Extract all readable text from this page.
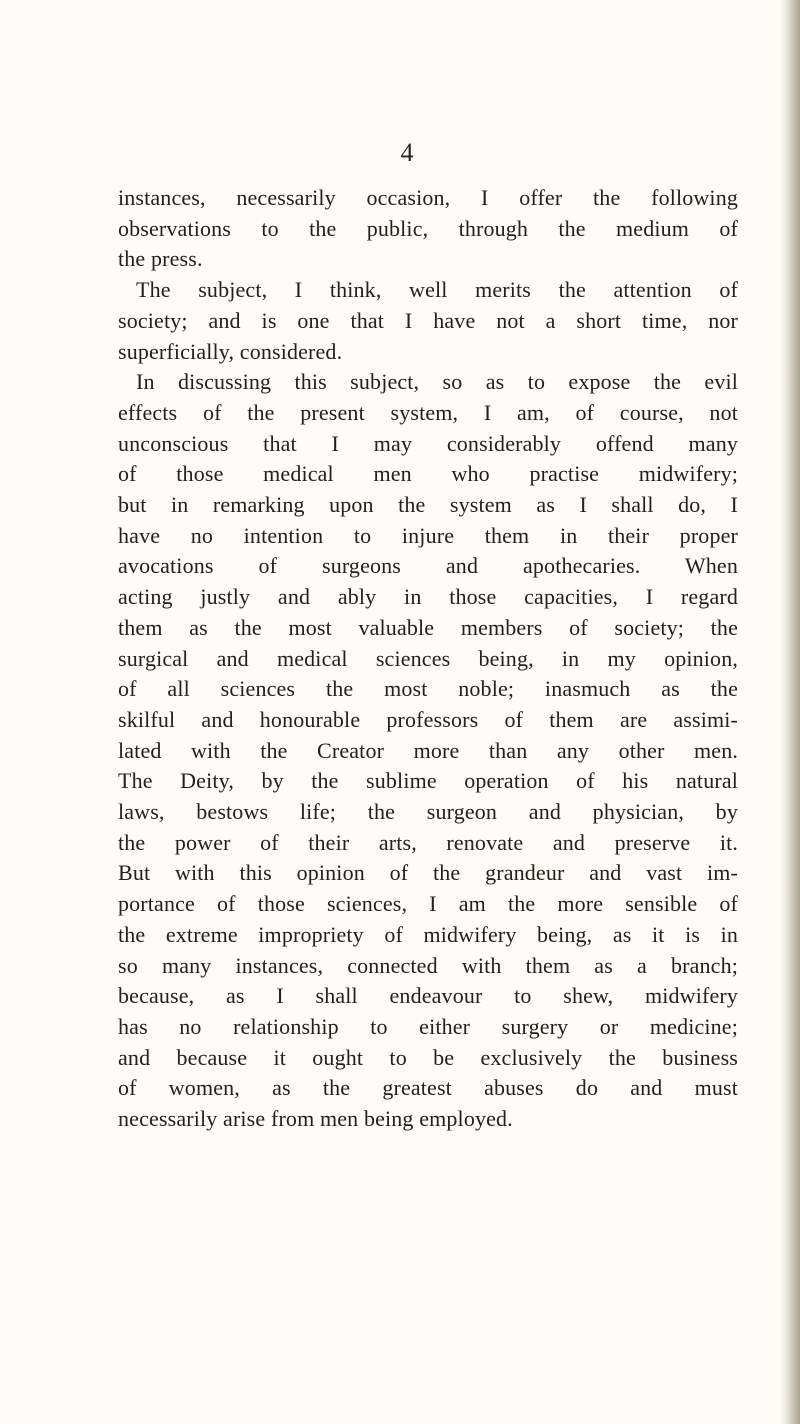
4
instances, necessarily occasion, I offer the following
observations to the public, through the medium of
the press.
The subject, I think, well merits the attention of
society; and is one that I have not a short time, nor
superficially, considered.
In discussing this subject, so as to expose the evil
effects of the present system, I am, of course, not
unconscious that I may considerably offend many
of those medical men who practise midwifery;
but in remarking upon the system as I shall do, I
have no intention to injure them in their proper
avocations of surgeons and apothecaries. When
acting justly and ably in those capacities, I regard
them as the most valuable members of society; the
surgical and medical sciences being, in my opinion,
of all sciences the most noble; inasmuch as the
skilful and honourable professors of them are assimi-
lated with the Creator more than any other men.
The Deity, by the sublime operation of his natural
laws, bestows life; the surgeon and physician, by
the power of their arts, renovate and preserve it.
But with this opinion of the grandeur and vast im-
portance of those sciences, I am the more sensible of
the extreme impropriety of midwifery being, as it is in
so many instances, connected with them as a branch;
because, as I shall endeavour to shew, midwifery
has no relationship to either surgery or medicine;
and because it ought to be exclusively the business
of women, as the greatest abuses do and must
necessarily arise from men being employed.
